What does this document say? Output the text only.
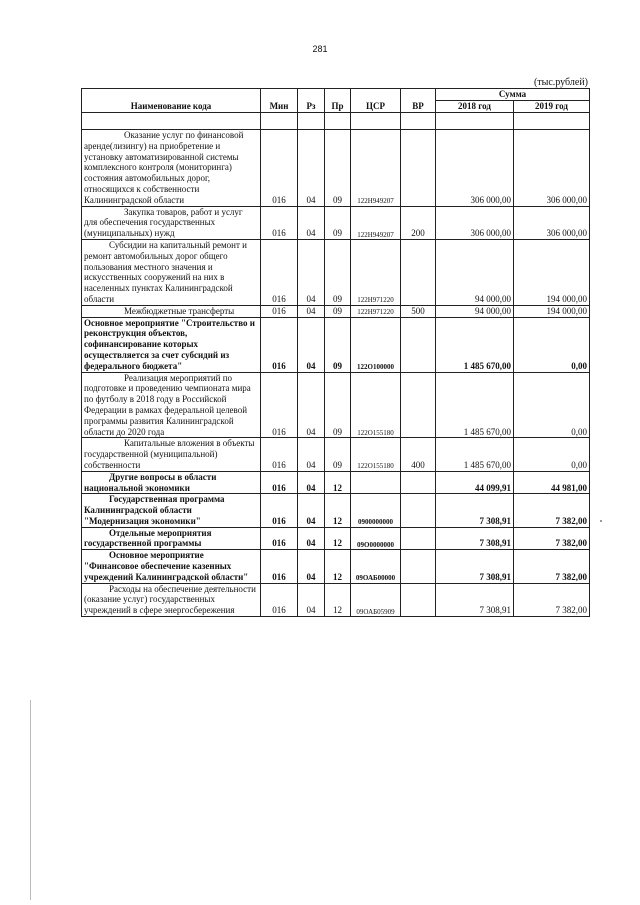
281
(тыс.рублей)
Наименование кода	Мин	Рз	Пр	ЦСР	ВР	Сумма	
						2018 год	2019 год

Оказание услуг по финансовой аренде(лизингу) на приобретение и установку автоматизированной системы комплексного контроля (мониторинга) состояния автомобильных дорог, относящихся к собственности Калининградской области	016	04	09	122Н949207		306 000,00	306 000,00
Закупка товаров, работ и услуг для обеспечения государственных (муниципальных) нужд	016	04	09	122Н949207	200	306 000,00	306 000,00
Субсидии на капитальный ремонт и ремонт автомобильных дорог общего пользования местного значения и искусственных сооружений на них в населенных пунктах Калининградской области	016	04	09	122Н971220		94 000,00	194 000,00
Межбюджетные трансферты	016	04	09	122Н971220	500	94 000,00	194 000,00
Основное мероприятие "Строительство и реконструкция объектов, софинансирование которых осуществляется за счет субсидий из федерального бюджета"	016	04	09	122О100000		1 485 670,00	0,00
Реализация мероприятий по подготовке и проведению чемпионата мира по футболу в 2018 году в Российской Федерации в рамках федеральной целевой программы развития Калининградской области до 2020 года	016	04	09	122О155180		1 485 670,00	0,00
Капитальные вложения в объекты государственной (муниципальной) собственности	016	04	09	122О155180	400	1 485 670,00	0,00
Другие вопросы в области национальной экономики	016	04	12			44 099,91	44 981,00
Государственная программа Калининградской области "Модернизация экономики"	016	04	12	0900000000		7 308,91	7 382,00
Отдельные мероприятия государственной программы	016	04	12	09О0000000		7 308,91	7 382,00
Основное мероприятие "Финансовое обеспечение казенных учреждений Калининградской области"	016	04	12	09ОАБ00000		7 308,91	7 382,00
Расходы на обеспечение деятельности (оказание услуг) государственных учреждений в сфере энергосбережения	016	04	12	09ОАБ05909		7 308,91	7 382,00
